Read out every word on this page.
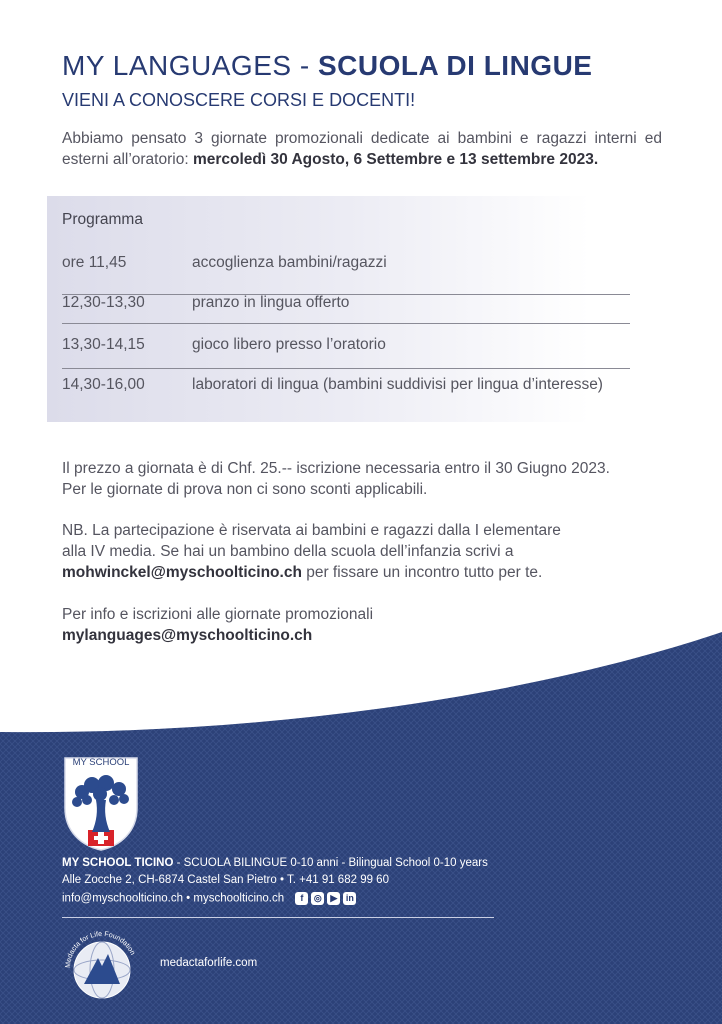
MY LANGUAGES - SCUOLA DI LINGUE
VIENI A CONOSCERE CORSI E DOCENTI!

Abbiamo pensato 3 giornate promozionali dedicate ai bambini e ragazzi interni ed esterni all’oratorio: mercoledì 30 Agosto, 6 Settembre e 13 settembre 2023.

Programma
ore 11,45	accoglienza bambini/ragazzi
12,30-13,30	pranzo in lingua offerto
13,30-14,15	gioco libero presso l’oratorio
14,30-16,00	laboratori di lingua (bambini suddivisi per lingua d’interesse)

Il prezzo a giornata è di Chf. 25.-- iscrizione necessaria entro il 30 Giugno 2023.
Per le giornate di prova non ci sono sconti applicabili.

NB. La partecipazione è riservata ai bambini e ragazzi dalla I elementare
alla IV media. Se hai un bambino della scuola dell’infanzia scrivi a
mohwinckel@myschoolticino.ch per fissare un incontro tutto per te.

Per info e iscrizioni alle giornate promozionali
mylanguages@myschoolticino.ch

MY SCHOOL
MY SCHOOL TICINO - SCUOLA BILINGUE 0-10 anni - Bilingual School 0-10 years
Alle Zocche 2, CH-6874 Castel San Pietro • T. +41 91 682 99 60
info@myschoolticino.ch • myschoolticino.ch	f	◎ ▶ in
Medacta for Life Foundation
medactaforlife.com
